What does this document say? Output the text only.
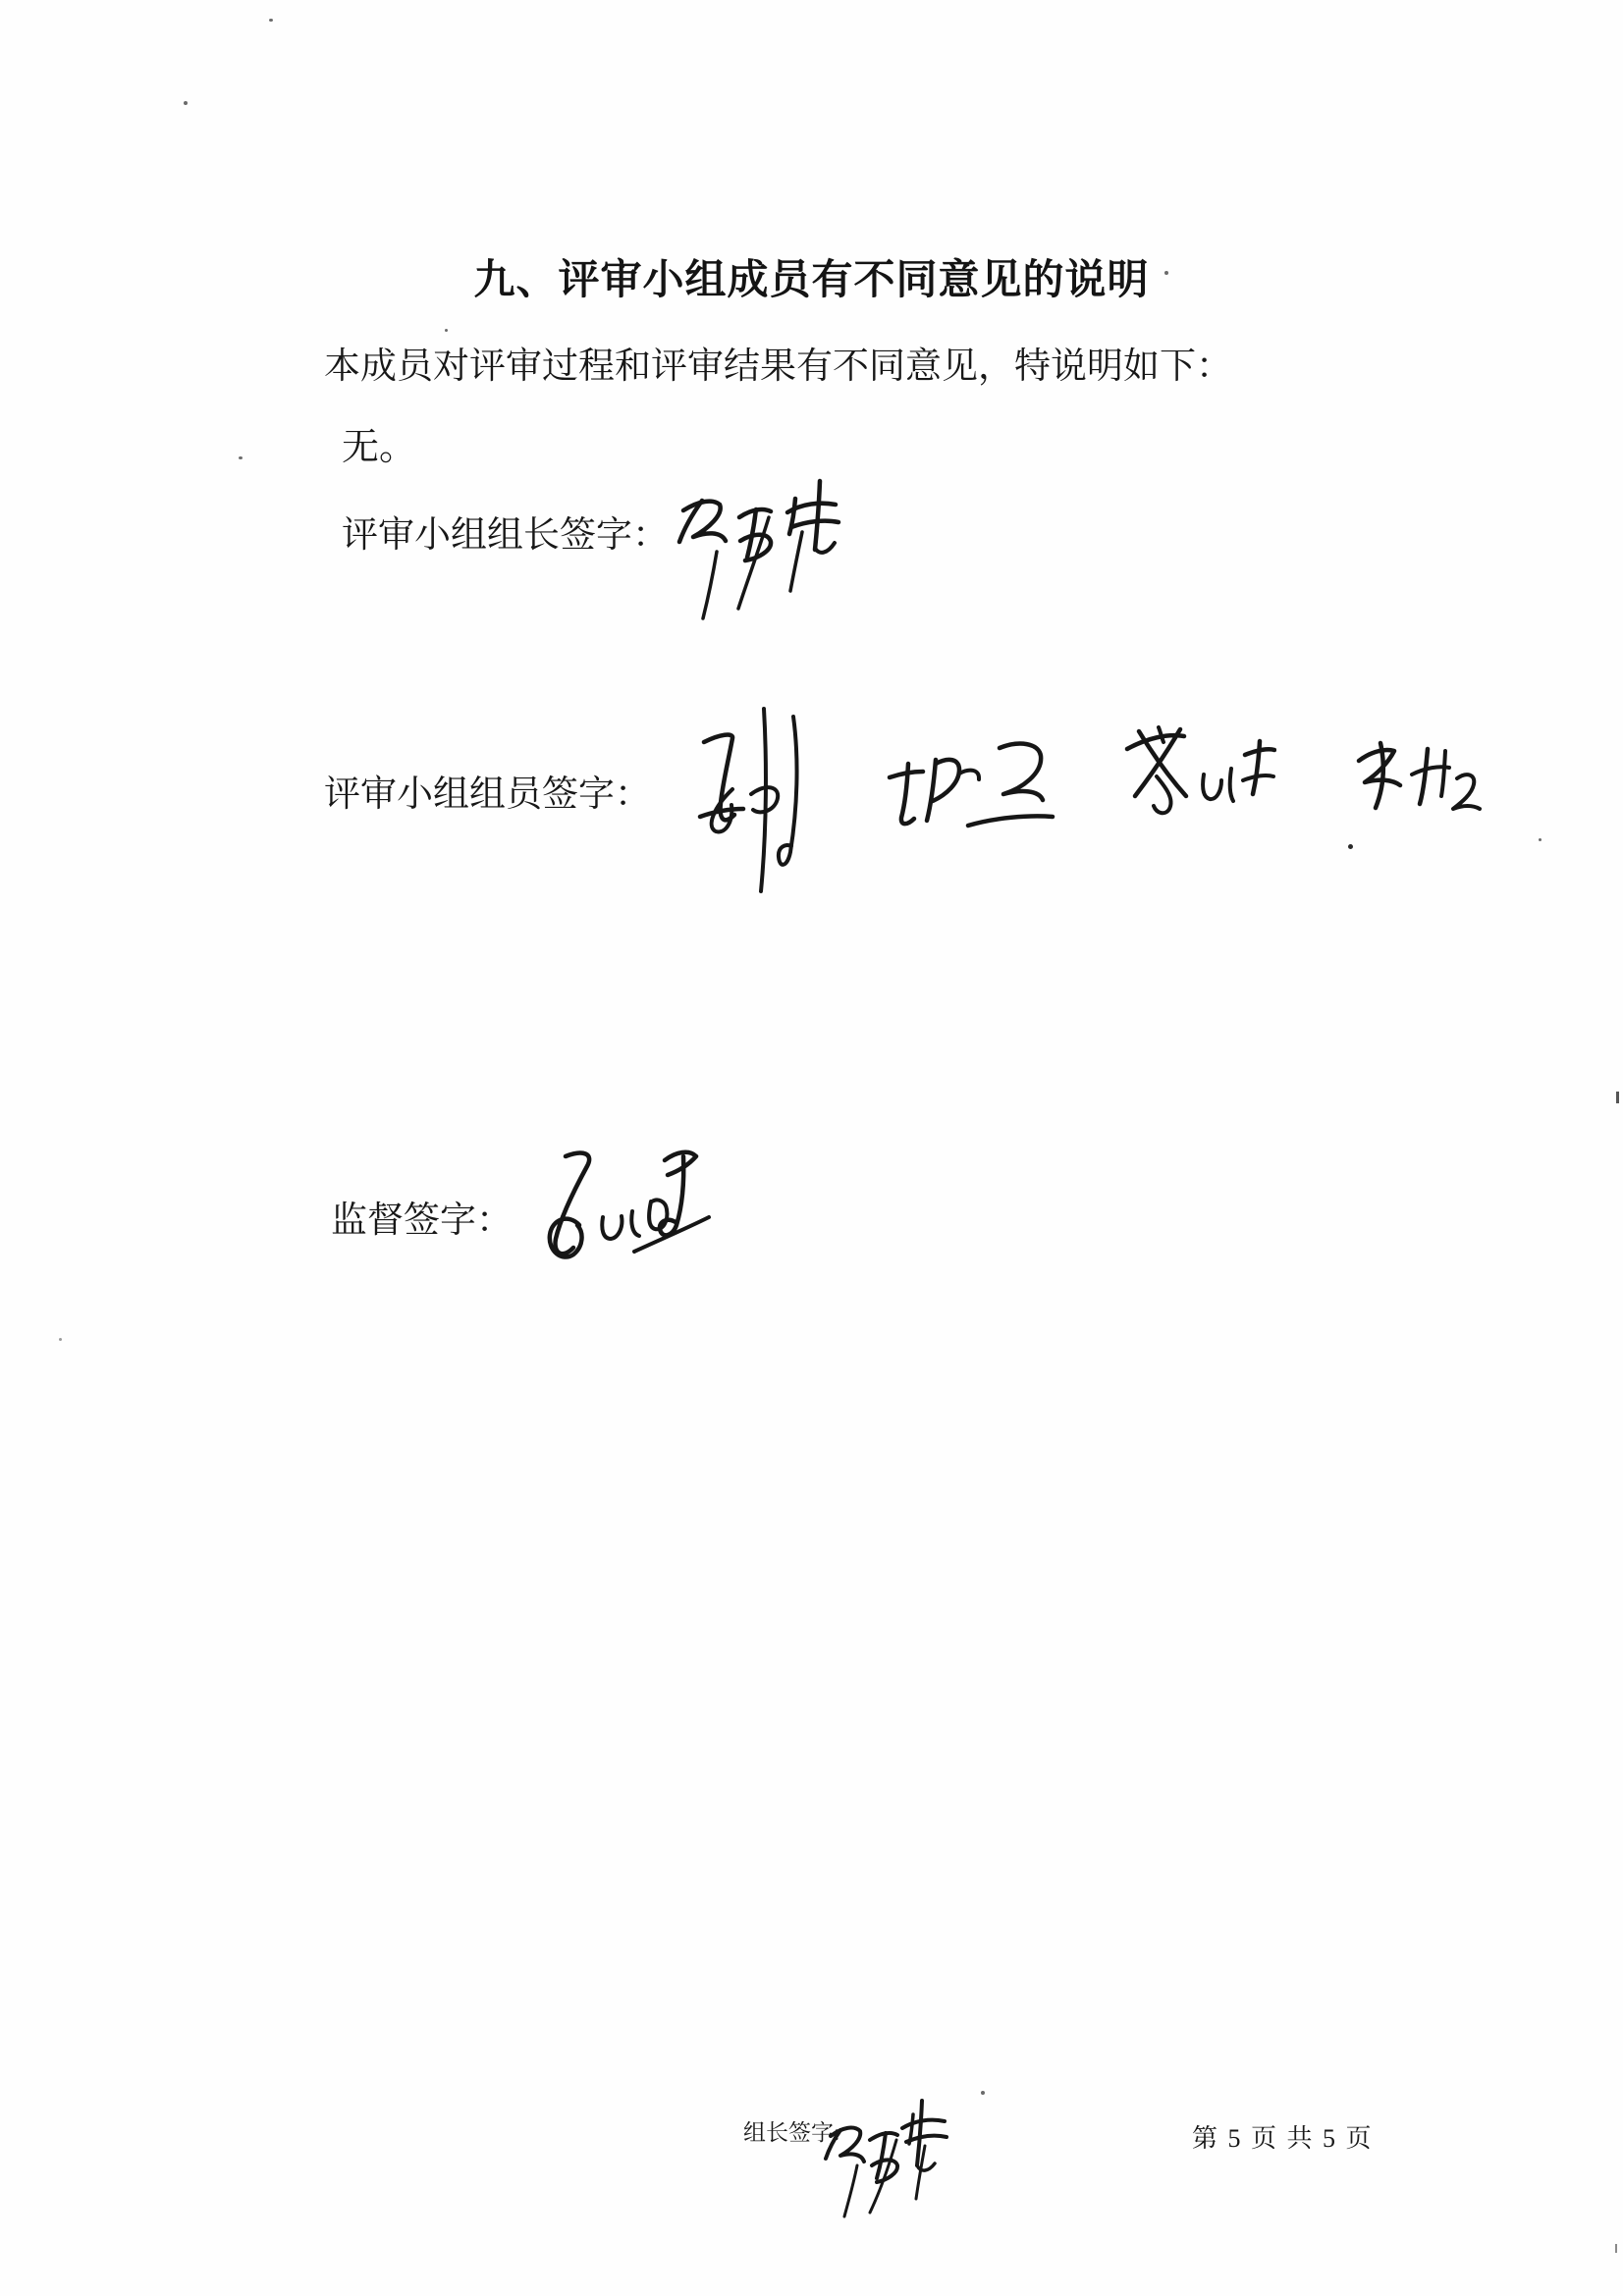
九、评审小组成员有不同意见的说明
本成员对评审过程和评审结果有不同意见，特说明如下：
无。
评审小组组长签字：
评审小组组员签字：
监督签字：
组长签字:	第 5 页 共 5 页
